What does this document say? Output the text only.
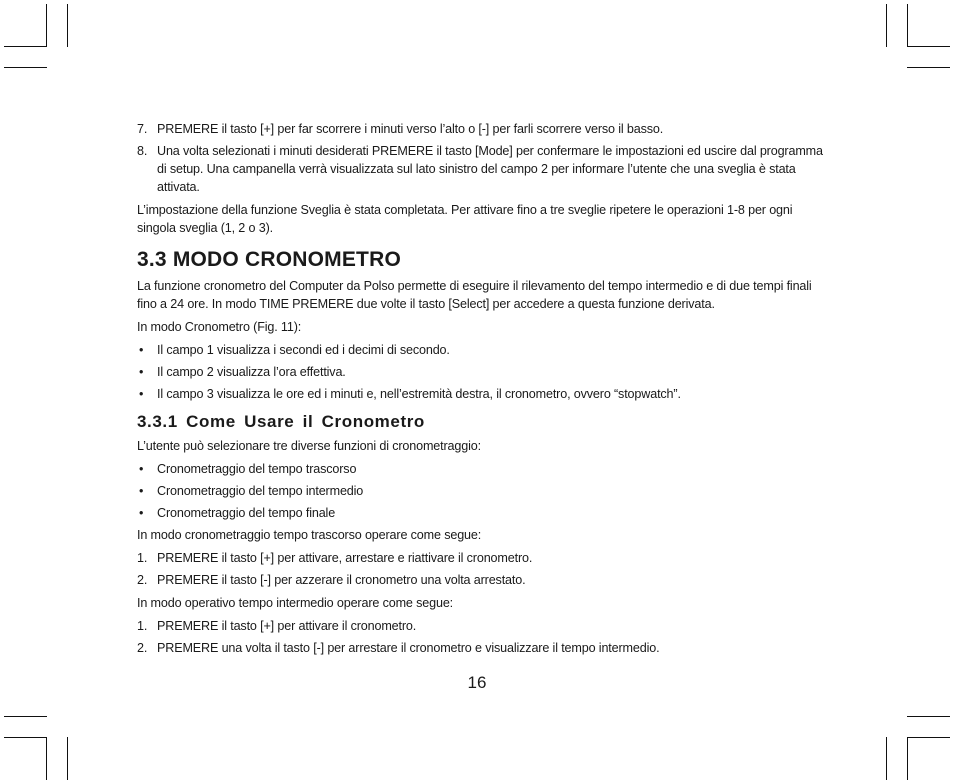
7. PREMERE il tasto [+] per far scorrere i minuti verso l’alto o [-] per farli scorrere verso il basso.
8. Una volta selezionati i minuti desiderati PREMERE il tasto [Mode] per confermare le impostazioni ed uscire dal programma di setup. Una campanella verrà visualizzata sul lato sinistro del campo 2 per informare l’utente che una sveglia è stata attivata.

L’impostazione della funzione Sveglia è stata completata. Per attivare fino a tre sveglie ripetere le operazioni 1-8 per ogni singola sveglia (1, 2 o 3).

3.3 MODO CRONOMETRO

La funzione cronometro del Computer da Polso permette di eseguire il rilevamento del tempo intermedio e di due tempi finali fino a 24 ore. In modo TIME PREMERE due volte il tasto [Select] per accedere a questa funzione derivata.

In modo Cronometro (Fig. 11):

•	Il campo 1 visualizza i secondi ed i decimi di secondo.
•	Il campo 2 visualizza l’ora effettiva.
•	Il campo 3 visualizza le ore ed i minuti e, nell’estremità destra, il cronometro, ovvero “stopwatch”.
3.3.1 Come Usare il Cronometro

L’utente può selezionare tre diverse funzioni di cronometraggio:

•	Cronometraggio del tempo trascorso
•	Cronometraggio del tempo intermedio
•	Cronometraggio del tempo finale

In modo cronometraggio tempo trascorso operare come segue:

1. PREMERE il tasto [+] per attivare, arrestare e riattivare il cronometro.
2. PREMERE il tasto [-] per azzerare il cronometro una volta arrestato.

In modo operativo tempo intermedio operare come segue:

1. PREMERE il tasto [+] per attivare il cronometro.
2. PREMERE una volta il tasto [-] per arrestare il cronometro e visualizzare il tempo intermedio.
16
